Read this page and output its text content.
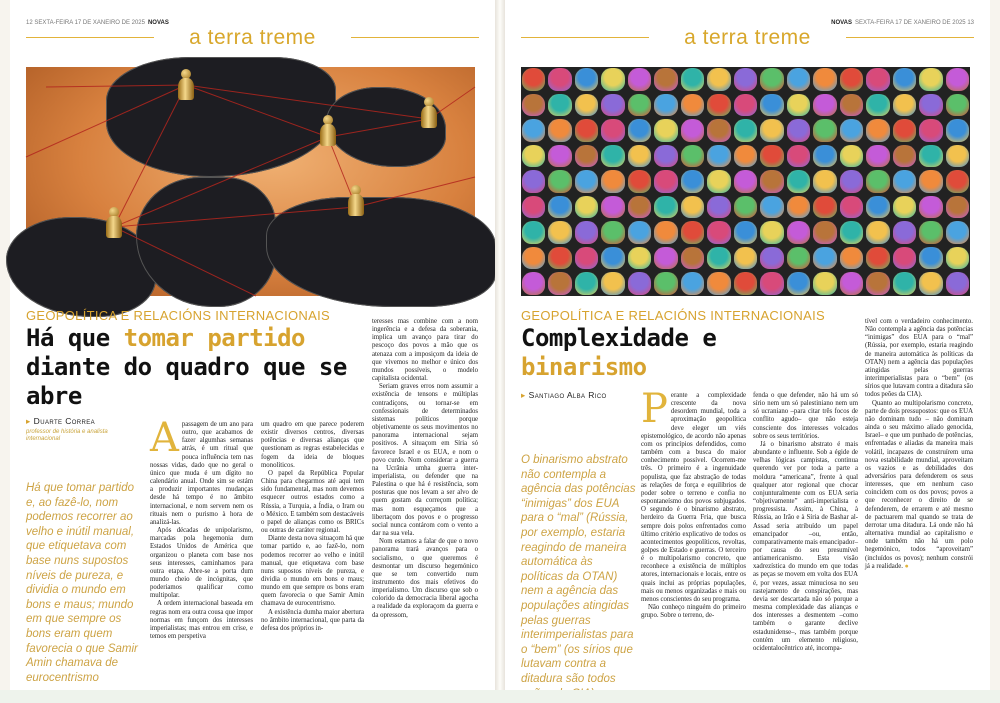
12 SEXTA-FEIRA 17 DE XANEIRO DE 2025 NOVAS
a terra treme
GEOPOLÍTICA E RELACIÓNS INTERNACIONAIS
Há que tomar partido diante do quadro que se abre
▸ Duarte Correa
professor de história e analista internacional
Há que tomar partido e, ao fazê-lo, nom podemos recorrer ao velho e inútil manual, que etiquetava com base nuns supostos níveis de pureza, e dividia o mundo em bons e maus; mundo em que sempre os bons eram quem favorecia o que Samir Amin chamava de eurocentrismo

Apassagem de um ano para outro, que acabamos de fazer algumhas semanas atrás, é um ritual que pouca influência tem nas nossas vidas, dado que no geral o único que muda é um dígito no calendário anual. Onde sim se estám a produzir importantes mudanças desde há tempo é no âmbito internacional, e nom servem nem os rituais nem o purismo à hora de analizá-las.

Após décadas de unipolarismo, marcadas pola hegemonia dum Estados Unidos de América que organizou o planeta com base nos seus interesses, caminhamos para outra etapa. Abre-se a porta dum mundo cheio de incógnitas, que poderiamos qualificar como multipolar.

A ordem internacional baseada em regras nom era outra cousa que impor normas em funçom dos interesses imperialistas; mas entrou em crise, e temos em perspetiva

um quadro em que parece poderem existir diversos centros, diversas potências e diversas alianças que questionam as regras estabelecidas e fogem da ideia de bloques monolíticos.

O papel da República Popular China para chegarmos até aqui tem sido fundamental, mas nom devemos esquecer outros estados como a Rússia, a Turquia, a Índia, o Iram ou o México. E também som destacáveis o papel de alianças como os BRICs ou outras de caráter regional.

Diante desta nova situaçom há que tomar partido e, ao fazê-lo, nom podemos recorrer ao velho e inútil manual, que etiquetava com base nuns supostos níveis de pureza, e dividia o mundo em bons e maus; mundo em que sempre os bons eram quem favorecia o que Samir Amin chamava de eurocentrismo.

A existência dumha maior abertura no âmbito internacional, que parta da defesa dos próprios in-

teresses mas combine com a nom ingerência e a defesa da soberania, implica um avanço para tirar do pescoço dos povos a mão que os atenaza com a imposiçom da ideia de que vivemos no melhor e único dos mundos possíveis, o modelo capitalista ocidental.

Seriam graves erros nom assumir a existência de tensons e múltiplas contradiçons, ou tornar-se em confessionais de determinados sistemas políticos porque objetivamente os seus movimentos no panorama internacional sejam positivos. A situaçom em Síria só favorece Israel e os EUA, e nom o povo curdo. Nom considerar a guerra na Ucrânia umha guerra inter-imperialista, ou defender que na Palestina o que há é resistência, som posturas que nos levam a ser alvo de quem gostam da correçom política; mas nom esqueçamos que a libertaçom dos povos e o progresso social nunca contárom com o vento a dar na sua vela.

Nom estamos a falar de que o novo panorama trará avanços para o socialismo, o que queremos é desmontar um discurso hegemónico que se tem convertido num instrumento dos mais efetivos do imperialismo. Um discurso que sob o colorido da democracia liberal agocha a realidade da exploraçom da guerra e da opressom,

NOVAS SEXTA-FEIRA 17 DE XANEIRO DE 2025 13
a terra treme
GEOPOLÍTICA E RELACIÓNS INTERNACIONAIS
Complexidade e binarismo
▸ Santiago Alba Rico
O binarismo abstrato não contempla a agência das potências “inimigas” dos EUA para o “mal” (Rússia, por exemplo, estaria reagindo de maneira automática às políticas da OTAN) nem a agência das populações atingidas pelas guerras interimperialistas para o “bem” (os sírios que lutavam contra a ditadura são todos

Perante a complexidade crescente da nova desordem mundial, toda a aproximação geopolítica deve eleger um viés epistemológico, de acordo não apenas com os princípios defendidos, como também com a busca do maior conhecimento possível. Ocorrem-me três. O primeiro é a ingenuidade populista, que faz abstração de todas as relações de força e equilíbrios de poder sobre o terreno e confia no espontaneísmo dos povos subjugados. O segundo é o binarismo abstrato, herdeiro da Guerra Fria, que busca sempre dois polos enfrentados como último critério explicativo de todos os acontecimentos geopolíticos, revoltas, golpes de Estado e guerras. O terceiro é o multipolarismo concreto, que reconhece a existência de múltiplos atores, internacionais e locais, entre os quais inclui as próprias populações, mais ou menos organizadas e mais ou menos conscientes do seu programa.

Não conheço ninguém do primeiro grupo. Sobre o terreno, de-

fenda o que defender, não há um só sírio nem um só palestiniano nem um só ucraniano –para citar três focos de conflito agudo– que não esteja consciente dos interesses volcados sobre os seus territórios.

Já o binarismo abstrato é mais abundante e influente. Sob a égide de velhas lógicas campistas, continua querendo ver por toda a parte a moldura “americana”, frente à qual qualquer ator regional que chocar conjunturalmente com os EUA seria “objetivamente” anti-imperialista e progressista. Assim, à China, à Rússia, ao Irão e à Síria de Bashar al-Assad seria atribuído um papel emancipador –ou, então, comparativamente mais emancipador– por causa do seu presumível antiamericanismo. Esta visão xadrezística do mundo em que todas as peças se movem em volta dos EUA é, por vezes, assaz minuciosa no seu rastejamento de conspirações, mas devia ser descartada não só porque a mesma complexidade das alianças e dos interesses a desmentem –como também o garante declive estadunidense–, mas também porque contém um elemento religioso, ocidentalocêntrico até, incompa-

tível com o verdadeiro conhecimento. Não contempla a agência das potências “inimigas” dos EUA para o “mal” (Rússia, por exemplo, estaria reagindo de maneira automática às políticas da OTAN) nem a agência das populações atingidas pelas guerras interimperialistas para o “bem” (os sírios que lutavam contra a ditadura são todos peões da CIA).

Quanto ao multipolarismo concreto, parte de dois pressupostos: que os EUA não dominam tudo – não dominam ainda o seu máximo aliado genocida, Israel– e que um punhado de potências, enfrentadas e aliadas da maneira mais volátil, incapazes de construírem uma nova estabilidade mundial, aproveitam os vazios e as debilidades dos adversários para defenderem os seus interesses, que em nenhum caso coincidem com os dos povos; povos a que reconhecer o direito de se defenderem, de errarem e até mesmo de pactuarem mal quando se trata de derrotar uma ditadura. Lá onde não há alternativa mundial ao capitalismo e onde também não há um polo hegemónico, todos “aproveitam” (incluídos os povos); nenhum constrói já a realidade. ●
